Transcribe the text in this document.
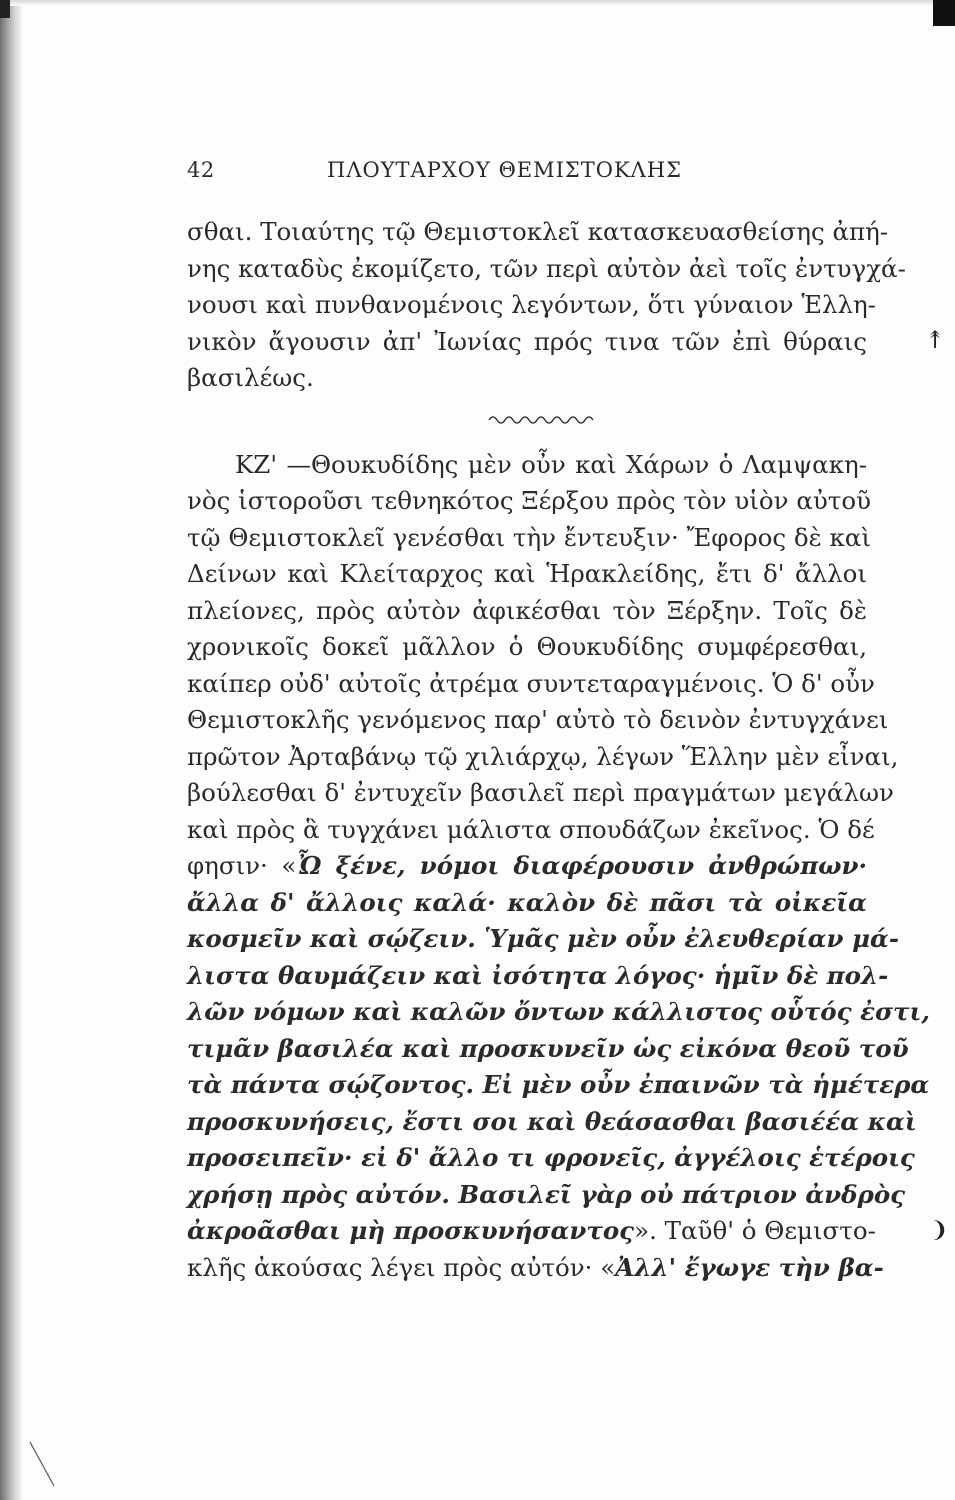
42	ΠΛΟΥΤΑΡΧΟΥ ΘΕΜΙΣΤΟΚΛΗΣ
σθαι. Τοιαύτης τῷ Θεμιστοκλεῖ κατασκευασθείσης ἀπή-
νης καταδὺς ἐκομίζετο, τῶν περὶ αὐτὸν ἀεὶ τοῖς ἐντυγχά-
νουσι καὶ πυνθανομένοις λεγόντων, ὅτι γύναιον Ἑλλη-
νικὸν ἄγουσιν ἀπ' Ἰωνίας πρός τινα τῶν ἐπὶ θύραις
βασιλέως.
ΚΖ' —Θουκυδίδης μὲν οὖν καὶ Χάρων ὁ Λαμψακη-
νὸς ἱστοροῦσι τεθνηκότος Ξέρξου πρὸς τὸν υἱὸν αὐτοῦ
τῷ Θεμιστοκλεῖ γενέσθαι τὴν ἔντευξιν· Ἔφορος δὲ καὶ
Δείνων καὶ Κλείταρχος καὶ Ἡρακλείδης, ἔτι δ' ἄλλοι
πλείονες, πρὸς αὐτὸν ἀφικέσθαι τὸν Ξέρξην. Τοῖς δὲ
χρονικοῖς δοκεῖ μᾶλλον ὁ Θουκυδίδης συμφέρεσθαι,
καίπερ οὐδ' αὐτοῖς ἀτρέμα συντεταραγμένοις. Ὁ δ' οὖν
Θεμιστοκλῆς γενόμενος παρ' αὐτὸ τὸ δεινὸν ἐντυγχάνει
πρῶτον Ἀρταβάνῳ τῷ χιλιάρχῳ, λέγων Ἕλλην μὲν εἶναι,
βούλεσθαι δ' ἐντυχεῖν βασιλεῖ περὶ πραγμάτων μεγάλων
καὶ πρὸς ἃ τυγχάνει μάλιστα σπουδάζων ἐκεῖνος. Ὁ δέ
φησιν· «Ὦ ξένε, νόμοι διαφέρουσιν ἀνθρώπων·
ἄλλα δ' ἄλλοις καλά· καλὸν δὲ πᾶσι τὰ οἰκεῖα
κοσμεῖν καὶ σῴζειν. Ὑμᾶς μὲν οὖν ἐλευθερίαν μά-
λιστα θαυμάζειν καὶ ἰσότητα λόγος· ἡμῖν δὲ πολ-
λῶν νόμων καὶ καλῶν ὄντων κάλλιστος οὗτός ἐστι,
τιμᾶν βασιλέα καὶ προσκυνεῖν ὡς εἰκόνα θεοῦ τοῦ
τὰ πάντα σῴζοντος. Εἰ μὲν οὖν ἐπαινῶν τὰ ἡμέτερα
προσκυνήσεις, ἔστι σοι καὶ θεάσασθαι βασιέέα καὶ
προσειπεῖν· εἰ δ' ἄλλο τι φρονεῖς, ἀγγέλοις ἑτέροις
χρήσῃ πρὸς αὐτόν. Βασιλεῖ γὰρ οὐ πάτριον ἀνδρὸς
ἀκροᾶσθαι μὴ προσκυνήσαντος». Ταῦθ' ὁ Θεμιστο-
κλῆς ἀκούσας λέγει πρὸς αὐτόν· «Ἀλλ' ἔγωγε τὴν βα-
↟
❩
